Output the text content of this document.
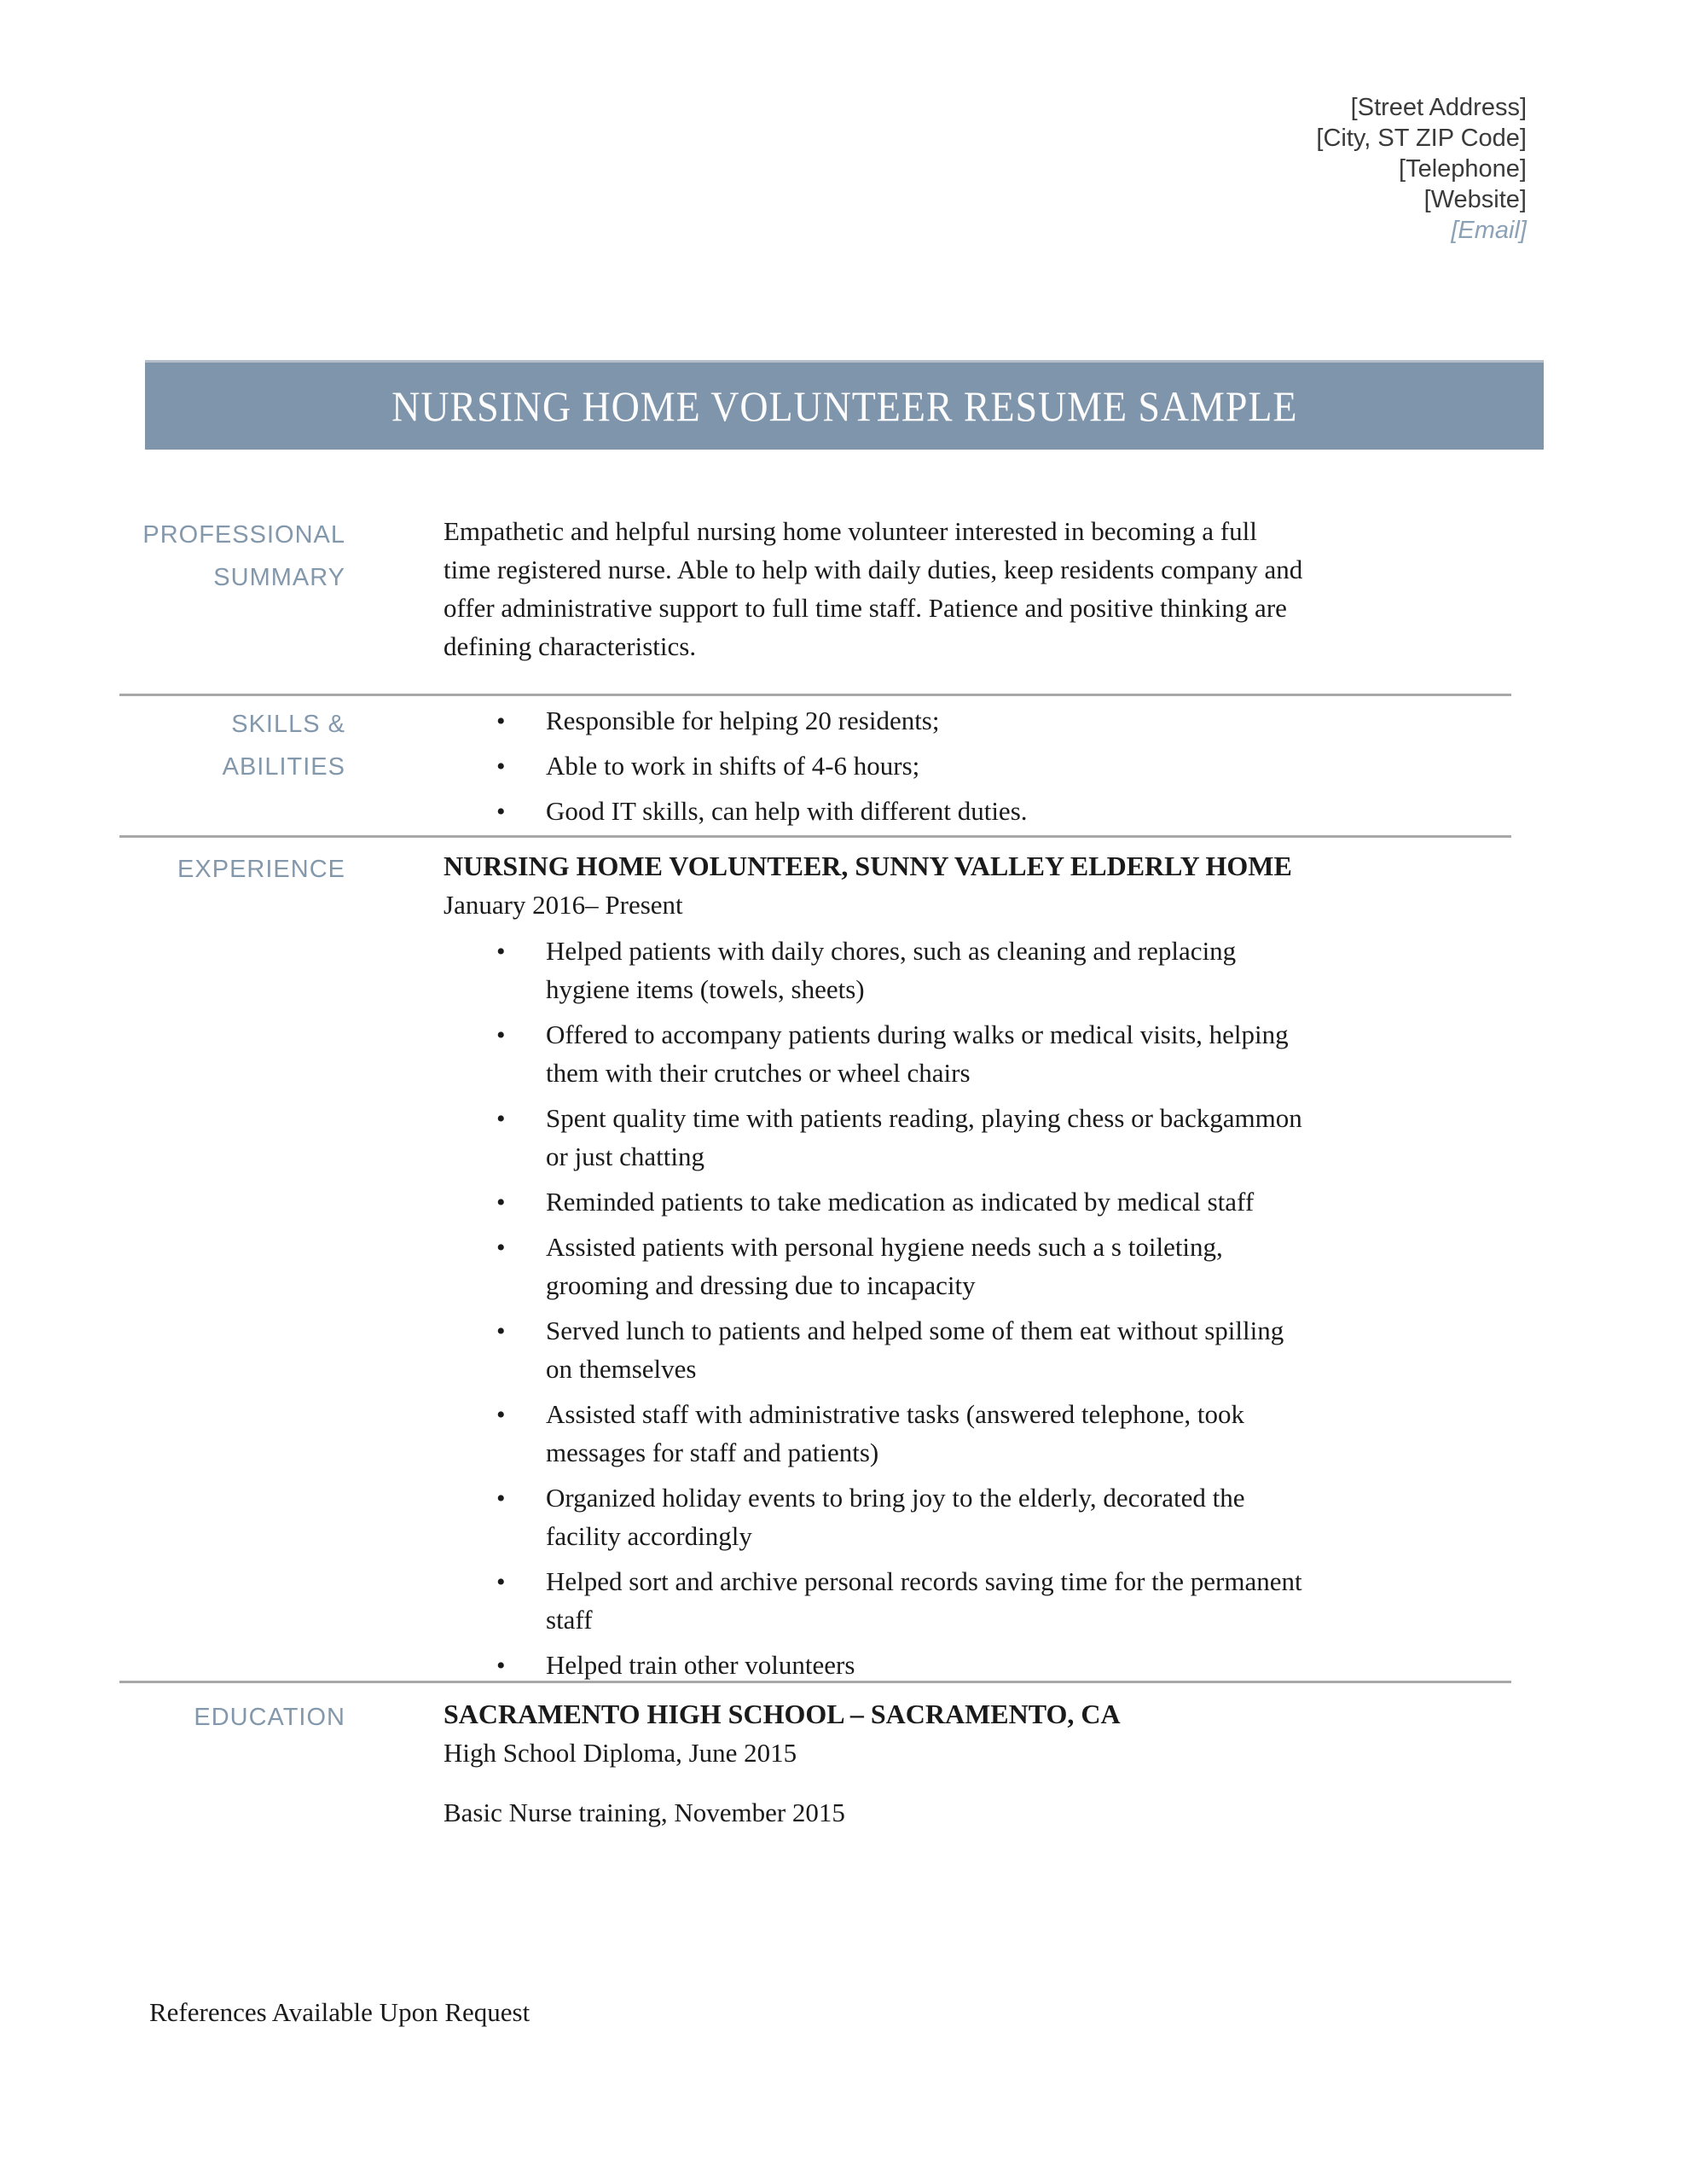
[Street Address]
[City, ST ZIP Code]
[Telephone]
[Website]
[Email]
NURSING HOME VOLUNTEER RESUME SAMPLE
PROFESSIONAL SUMMARY
Empathetic and helpful nursing home volunteer interested in becoming a full time registered nurse. Able to help with daily duties, keep residents company and offer administrative support to full time staff. Patience and positive thinking are defining characteristics.
SKILLS & ABILITIES
•
Responsible for helping 20 residents;
•
Able to work in shifts of 4-6 hours;
•
Good IT skills, can help with different duties.
EXPERIENCE	NURSING HOME VOLUNTEER, SUNNY VALLEY ELDERLY HOME
January 2016– Present
•
Helped patients with daily chores, such as cleaning and replacing hygiene items (towels, sheets)
•
Offered to accompany patients during walks or medical visits, helping them with their crutches or wheel chairs
•
Spent quality time with patients reading, playing chess or backgammon or just chatting
•
Reminded patients to take medication as indicated by medical staff
•
Assisted patients with personal hygiene needs such a s toileting, grooming and dressing due to incapacity
•
Served lunch to patients and helped some of them eat without spilling on themselves
•
Assisted staff with administrative tasks (answered telephone, took messages for staff and patients)
•
Organized holiday events to bring joy to the elderly, decorated the facility accordingly
•
Helped sort and archive personal records saving time for the permanent staff
•
Helped train other volunteers
EDUCATION	SACRAMENTO HIGH SCHOOL – SACRAMENTO, CA
High School Diploma, June 2015
Basic Nurse training, November 2015
References Available Upon Request
